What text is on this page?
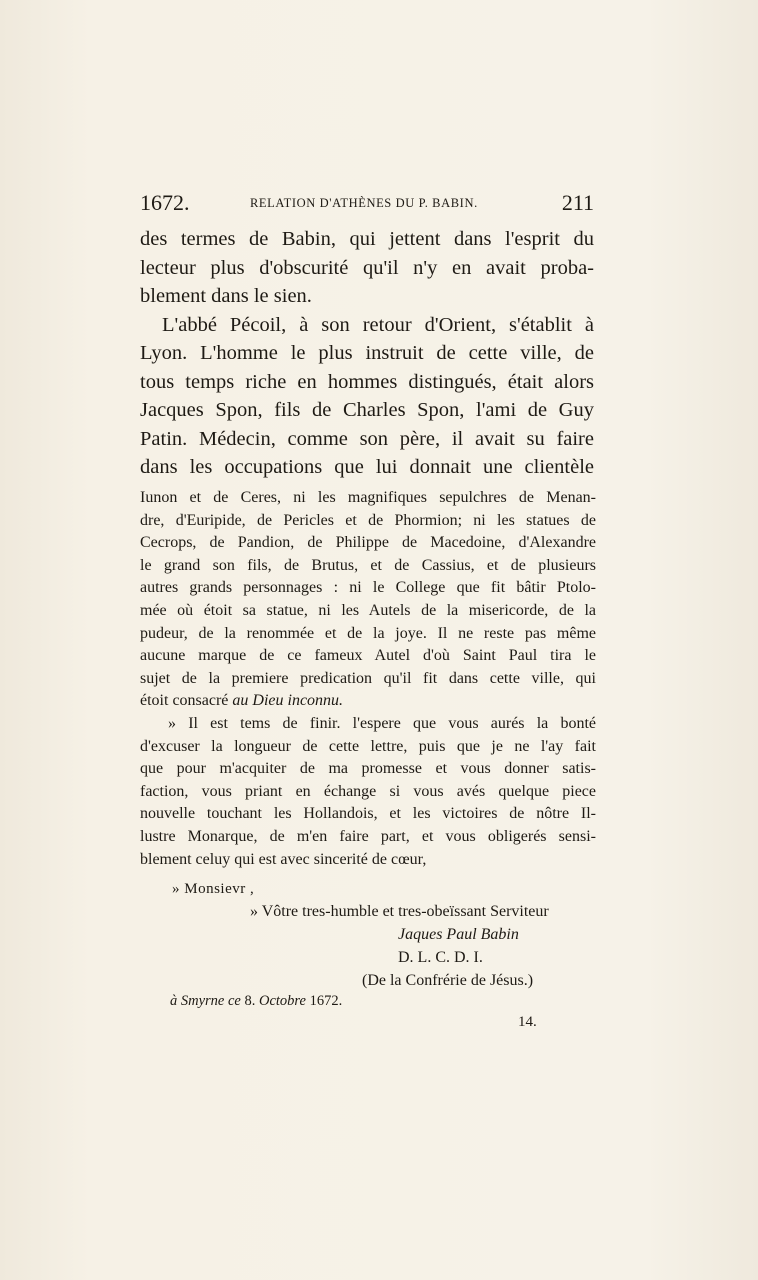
1672.	RELATION D'ATHÈNES DU P. BABIN.	211
des termes de Babin, qui jettent dans l'esprit du
lecteur plus d'obscurité qu'il n'y en avait proba-
blement dans le sien.
L'abbé Pécoil, à son retour d'Orient, s'établit à
Lyon. L'homme le plus instruit de cette ville, de
tous temps riche en hommes distingués, était alors
Jacques Spon, fils de Charles Spon, l'ami de Guy
Patin. Médecin, comme son père, il avait su faire
dans les occupations que lui donnait une clientèle
Iunon et de Ceres, ni les magnifiques sepulchres de Menan-
dre, d'Euripide, de Pericles et de Phormion; ni les statues de
Cecrops, de Pandion, de Philippe de Macedoine, d'Alexandre
le grand son fils, de Brutus, et de Cassius, et de plusieurs
autres grands personnages : ni le College que fit bâtir Ptolo-
mée où étoit sa statue, ni les Autels de la misericorde, de la
pudeur, de la renommée et de la joye. Il ne reste pas même
aucune marque de ce fameux Autel d'où Saint Paul tira le
sujet de la premiere predication qu'il fit dans cette ville, qui
étoit consacré au Dieu inconnu.
» Il est tems de finir. l'espere que vous aurés la bonté
d'excuser la longueur de cette lettre, puis que je ne l'ay fait
que pour m'acquiter de ma promesse et vous donner satis-
faction, vous priant en échange si vous avés quelque piece
nouvelle touchant les Hollandois, et les victoires de nôtre Il-
lustre Monarque, de m'en faire part, et vous obligerés sensi-
blement celuy qui est avec sincerité de cœur,
» Monsievr ,
» Vôtre tres-humble et tres-obeïssant Serviteur
Jaques Paul Babin
D. L. C. D. I.
(De la Confrérie de Jésus.)
à Smyrne ce 8. Octobre 1672.
14.
